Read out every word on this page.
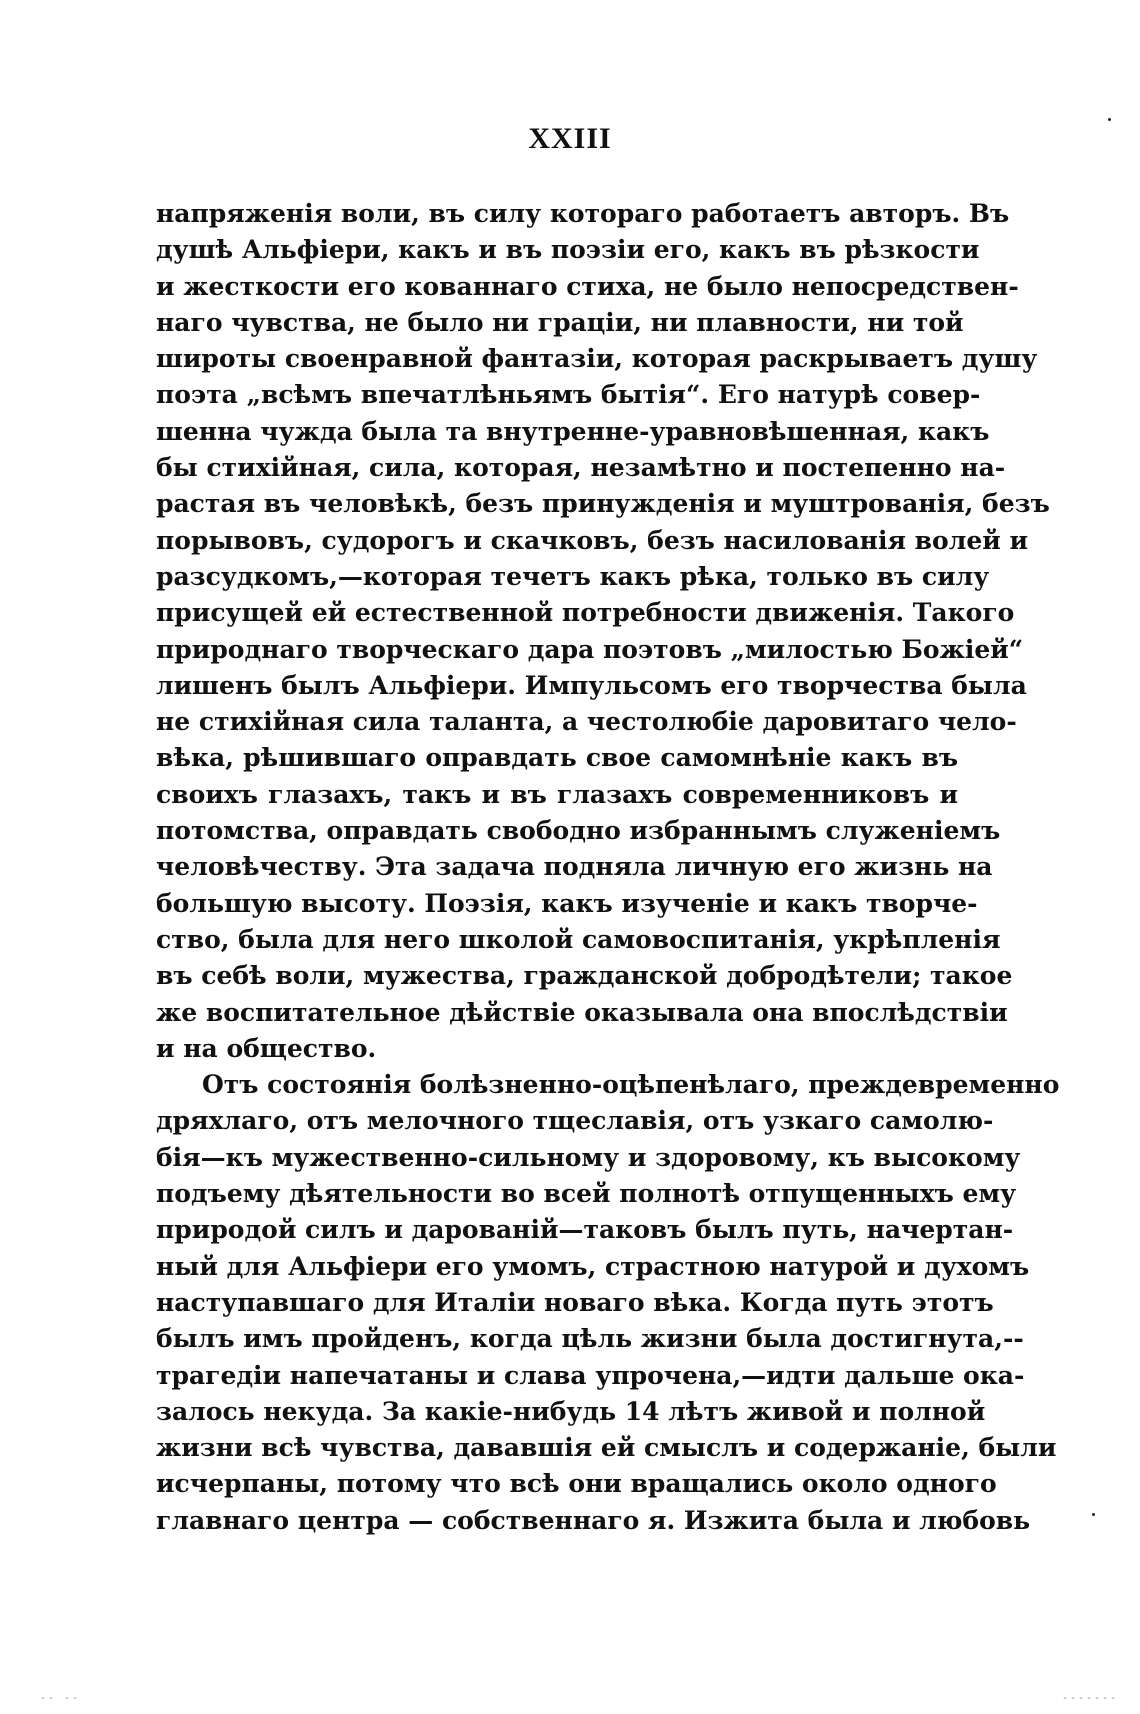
XXIII
напряженія воли, въ силу котораго работаетъ авторъ. Въ
душѣ Альфіери, какъ и въ поэзіи его, какъ въ рѣзкости
и жесткости его кованнаго стиха, не было непосредствен-
наго чувства, не было ни граціи, ни плавности, ни той
широты своенравной фантазіи, которая раскрываетъ душу
поэта „всѣмъ впечатлѣньямъ бытія“. Его натурѣ совер-
шенна чужда была та внутренне-уравновѣшенная, какъ
бы стихійная, сила, которая, незамѣтно и постепенно на-
растая въ человѣкѣ, безъ принужденія и муштрованія, безъ
порывовъ, судорогъ и скачковъ, безъ насилованія волей и
разсудкомъ,—которая течетъ какъ рѣка, только въ силу
присущей ей естественной потребности движенія. Такого
природнаго творческаго дара поэтовъ „милостью Божіей“
лишенъ былъ Альфіери. Импульсомъ его творчества была
не стихійная сила таланта, а честолюбіе даровитаго чело-
вѣка, рѣшившаго оправдать свое самомнѣніе какъ въ
своихъ глазахъ, такъ и въ глазахъ современниковъ и
потомства, оправдать свободно избраннымъ служеніемъ
человѣчеству. Эта задача подняла личную его жизнь на
большую высоту. Поэзія, какъ изученіе и какъ творче-
ство, была для него школой самовоспитанія, укрѣпленія
въ себѣ воли, мужества, гражданской добродѣтели; такое
же воспитательное дѣйствіе оказывала она впослѣдствіи
и на общество.
Отъ состоянія болѣзненно-оцѣпенѣлаго, преждевременно
дряхлаго, отъ мелочного тщеславія, отъ узкаго самолю-
бія—къ мужественно-сильному и здоровому, къ высокому
подъему дѣятельности во всей полнотѣ отпущенныхъ ему
природой силъ и дарованій—таковъ былъ путь, начертан-
ный для Альфіери его умомъ, страстною натурой и духомъ
наступавшаго для Италіи новаго вѣка. Когда путь этотъ
былъ имъ пройденъ, когда цѣль жизни была достигнута,--
трагедіи напечатаны и слава упрочена,—идти дальше ока-
залось некуда. За какіе-нибудь 14 лѣтъ живой и полной
жизни всѣ чувства, дававшія ей смыслъ и содержаніе, были
исчерпаны, потому что всѣ они вращались около одного
главнаго центра — собственнаго я. Изжита была и любовь
-- --	-------
